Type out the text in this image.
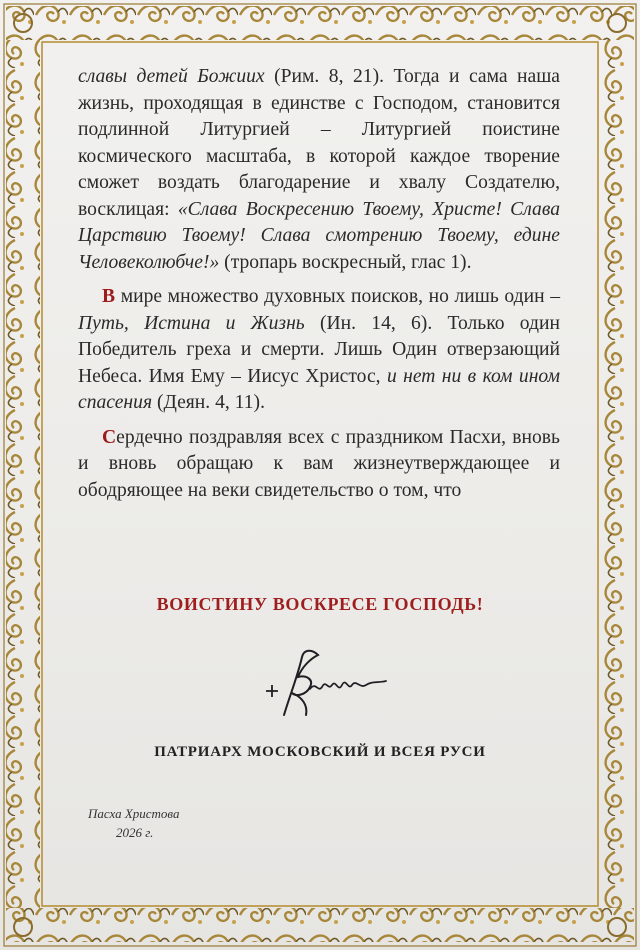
славы детей Божиих (Рим. 8, 21). Тогда и сама наша жизнь, проходящая в единстве с Господом, становится подлинной Литургией – Литургией поистине космического масштаба, в которой каждое творение сможет воздать благодарение и хвалу Создателю, восклицая: «Слава Воскресению Твоему, Христе! Слава Царствию Твоему! Слава смотрению Твоему, едине Человеколюбче!» (тропарь воскресный, глас 1).

В мире множество духовных поисков, но лишь один – Путь, Истина и Жизнь (Ин. 14, 6). Только один Победитель греха и смерти. Лишь Один отверзающий Небеса. Имя Ему – Иисус Христос, и нет ни в ком ином спасения (Деян. 4, 11).

Сердечно поздравляя всех с праздником Пасхи, вновь и вновь обращаю к вам жизнеутверждающее и ободряющее на веки свидетельство о том, что

ВОИСТИНУ ВОСКРЕСЕ ГОСПОДЬ!
ПАТРИАРХ МОСКОВСКИЙ И ВСЕЯ РУСИ
Пасха Христова
2026 г.
